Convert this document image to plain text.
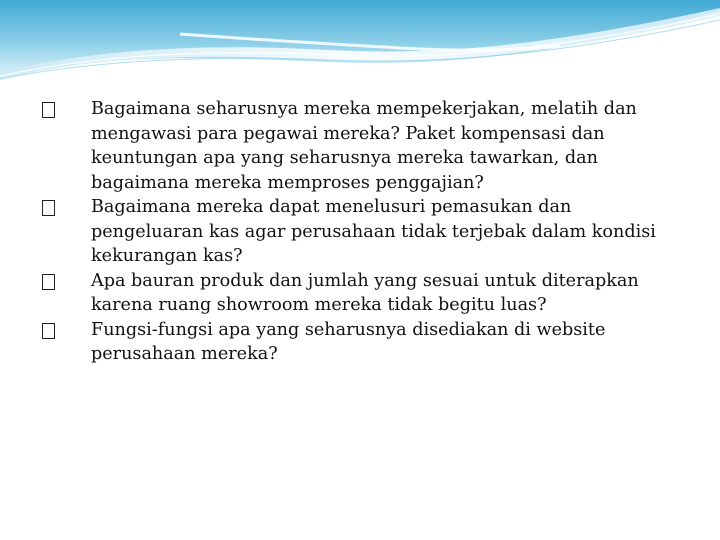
Bagaimana seharusnya mereka mempekerjakan, melatih dan mengawasi para pegawai mereka? Paket kompensasi dan keuntungan apa yang seharusnya mereka tawarkan, dan bagaimana mereka memproses penggajian?
Bagaimana mereka dapat menelusuri pemasukan dan pengeluaran kas agar perusahaan tidak terjebak dalam kondisi kekurangan kas?
Apa bauran produk dan jumlah yang sesuai untuk diterapkan karena ruang showroom mereka tidak begitu luas?
Fungsi-fungsi apa yang seharusnya disediakan di website perusahaan mereka?
